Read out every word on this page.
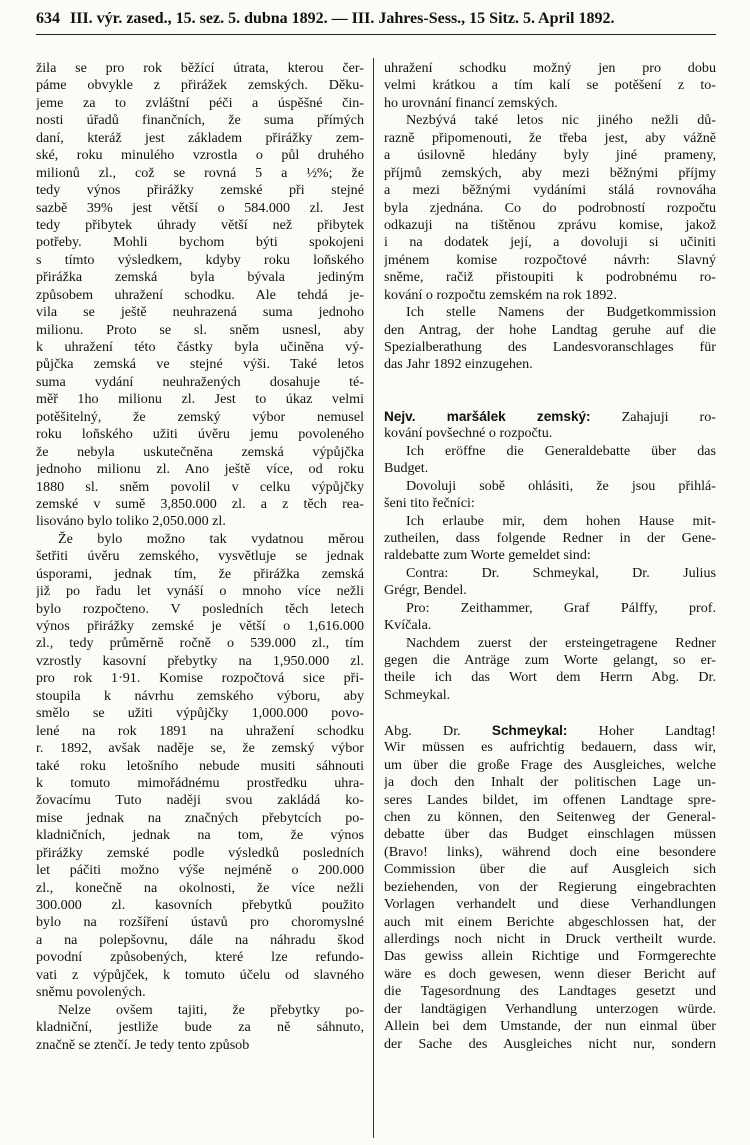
634 III. výr. zased., 15. sez. 5. dubna 1892. — III. Jahres-Sess., 15 Sitz. 5. April 1892.
žila se pro rok běžící útrata, kterou čer-
páme obvykle z přirážek zemských. Děku-
jeme za to zvláštní péči a úspěšné čin-
nosti úřadů finančních, že suma přímých
daní, kteráž jest základem přirážky zem-
ské, roku minulého vzrostla o půl druhého
milionů zl., což se rovná 5 a ½%; že
tedy výnos přirážky zemské při stejné
sazbě 39% jest větší o 584.000 zl. Jest
tedy přibytek úhrady větší než přibytek
potřeby. Mohli bychom býti spokojeni
s tímto výsledkem, kdyby roku loňského
přirážka zemská byla bývala jediným
způsobem uhražení schodku. Ale tehdá je-
vila se ještě neuhrazená suma jednoho
milionu. Proto se sl. sněm usnesl, aby
k uhražení této částky byla učiněna vý-
půjčka zemská ve stejné výši. Také letos
suma vydání neuhražených dosahuje té-
měř 1ho milionu zl. Jest to úkaz velmi
potěšitelný, že zemský výbor nemusel
roku loňského užiti úvěru jemu povoleného
že nebyla uskutečněna zemská výpůjčka
jednoho milionu zl. Ano ještě více, od roku
1880 sl. sněm povolil v celku výpůjčky
zemské v sumě 3,850.000 zl. a z těch rea-
lisováno bylo toliko 2,050.000 zl.
Že bylo možno tak vydatnou měrou
šetřiti úvěru zemského, vysvětluje se jednak
úsporami, jednak tím, že přirážka zemská
již po řadu let vynáší o mnoho více nežli
bylo rozpočteno. V posledních těch letech
výnos přirážky zemské je větší o 1,616.000
zl., tedy průměrně ročně o 539.000 zl., tím
vzrostly kasovní přebytky na 1,950.000 zl.
pro rok 1·91. Komise rozpočtová sice při-
stoupila k návrhu zemského výboru, aby
smělo se užiti výpůjčky 1,000.000 povo-
lené na rok 1891 na uhražení schodku
r. 1892, avšak naděje se, že zemský výbor
také roku letošního nebude musiti sáhnouti
k tomuto mimořádnému prostředku uhra-
žovacímu Tuto naději svou zakládá ko-
mise jednak na značných přebytcích po-
kladničních, jednak na tom, že výnos
přirážky zemské podle výsledků posledních
let páčiti možno výše nejméně o 200.000
zl., konečně na okolnosti, že více nežli
300.000 zl. kasovních přebytků použito
bylo na rozšíření ústavů pro choromyslné
a na polepšovnu, dále na náhradu škod
povodní způsobených, které lze refundo-
vati z výpůjček, k tomuto účelu od slavného
sněmu povolených.
Nelze ovšem tajiti, že přebytky po-
kladniční, jestliže bude za ně sáhnuto,
značně se ztenčí. Je tedy tento způsob
uhražení schodku možný jen pro dobu
velmi krátkou a tím kalí se potěšení z to-
ho urovnání financí zemských.
Nezbývá také letos nic jiného nežli dů-
razně připomenouti, že třeba jest, aby vážně
a úsilovně hledány byly jiné prameny,
příjmů zemských, aby mezi běžnými příjmy
a mezi běžnými vydáními stálá rovnováha
byla zjednána. Co do podrobností rozpočtu
odkazuji na tištěnou zprávu komise, jakož
i na dodatek její, a dovoluji si učiniti
jménem komise rozpočtové návrh: Slavný
sněme, račiž přistoupiti k podrobnému ro-
kování o rozpočtu zemském na rok 1892.
Ich stelle Namens der Budgetkommission
den Antrag, der hohe Landtag geruhe auf die
Spezialberathung des Landesvoranschlages für
das Jahr 1892 einzugehen.
Nejv. maršálek zemský: Zahajuji ro-
kování povšechné o rozpočtu.
Ich eröffne die Generaldebatte über das
Budget.
Dovoluji sobě ohlásiti, že jsou přihlá-
šeni tito řečníci:
Ich erlaube mir, dem hohen Hause mit-
zutheilen, dass folgende Redner in der Gene-
raldebatte zum Worte gemeldet sind:
Contra: Dr. Schmeykal, Dr. Julius
Grégr, Bendel.
Pro: Zeithammer, Graf Pálffy, prof.
Kvíčala.
Nachdem zuerst der ersteingetragene Redner
gegen die Anträge zum Worte gelangt, so er-
theile ich das Wort dem Herrn Abg. Dr.
Schmeykal.
Abg. Dr. Schmeykal: Hoher Landtag!
Wir müssen es aufrichtig bedauern, dass wir,
um über die große Frage des Ausgleiches, welche
ja doch den Inhalt der politischen Lage un-
seres Landes bildet, im offenen Landtage spre-
chen zu können, den Seitenweg der General-
debatte über das Budget einschlagen müssen
(Bravo! links), während doch eine besondere
Commission über die auf Ausgleich sich
beziehenden, von der Regierung eingebrachten
Vorlagen verhandelt und diese Verhandlungen
auch mit einem Berichte abgeschlossen hat, der
allerdings noch nicht in Druck vertheilt wurde.
Das gewiss allein Richtige und Formgerechte
wäre es doch gewesen, wenn dieser Bericht auf
die Tagesordnung des Landtages gesetzt und
der landtägigen Verhandlung unterzogen würde.
Allein bei dem Umstande, der nun einmal über
der Sache des Ausgleiches nicht nur, sondern
